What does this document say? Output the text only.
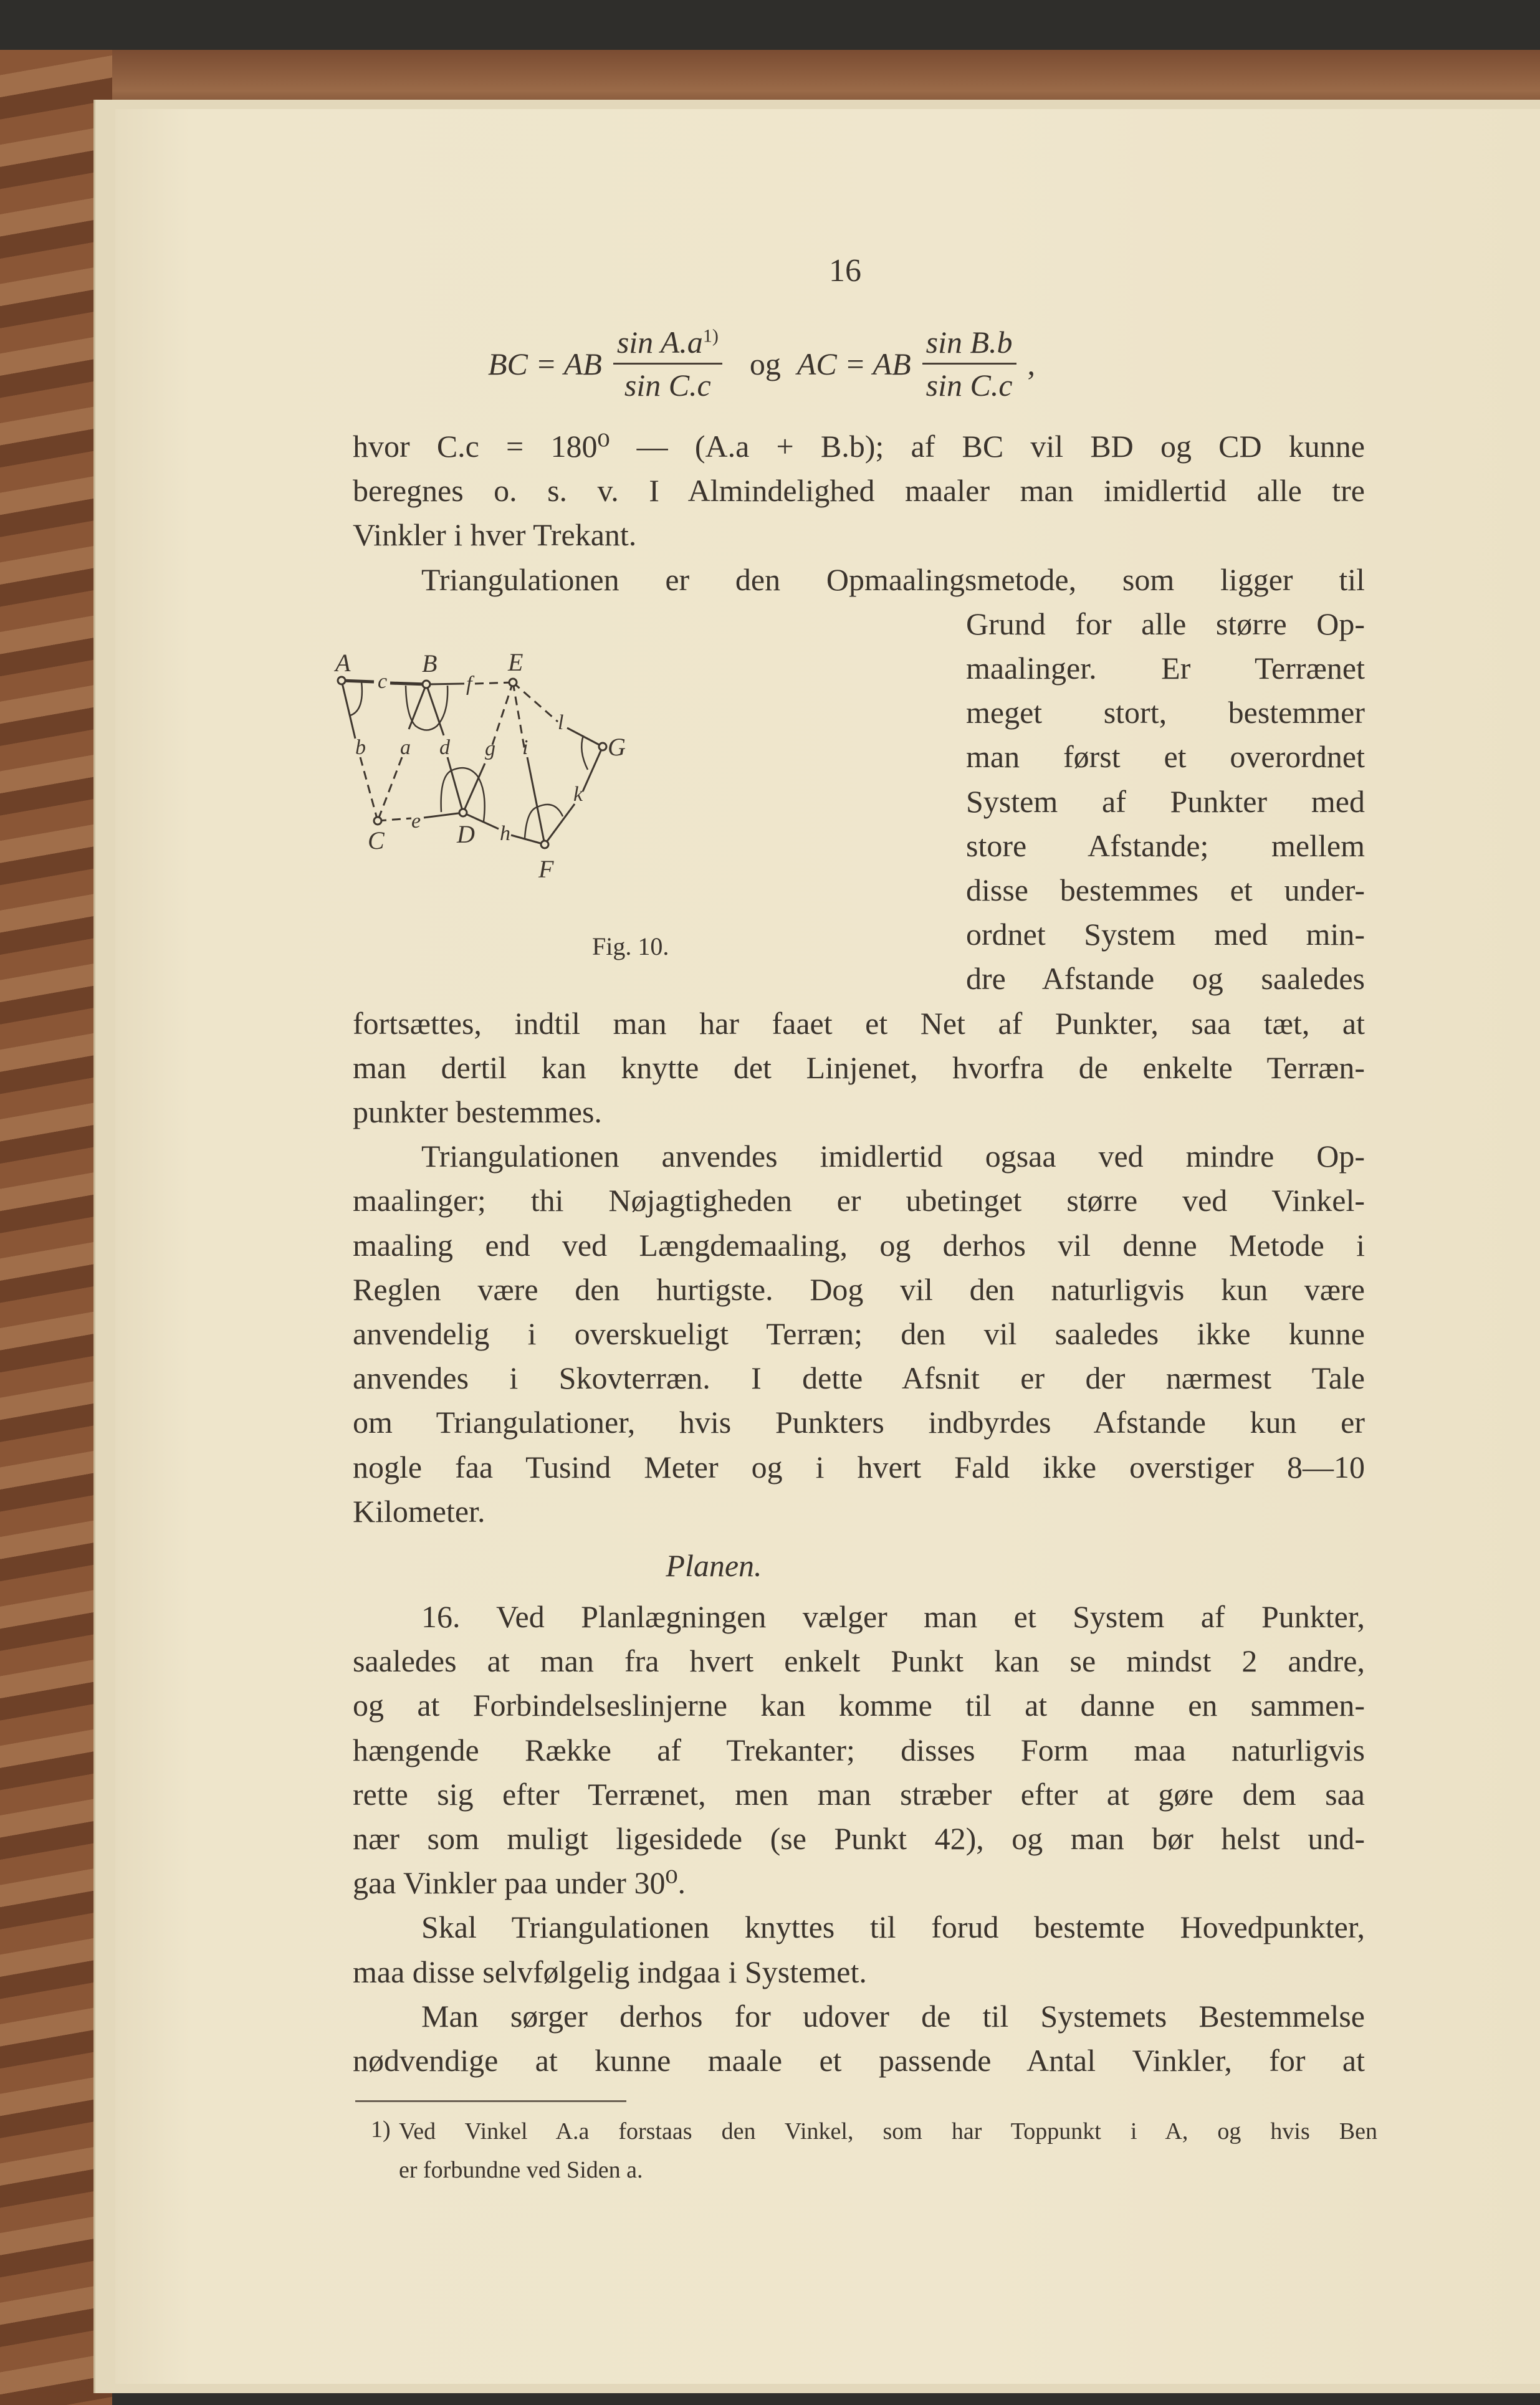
16
BC = AB $\frac{\sin A.a^{1)}}{\text{sin C.c}}$ og AC = AB $\frac{\text{sin B.b}}{\text{sin C.c}}$ ,
hvor C.c = 180⁰ — (A.a + B.b); af BC vil BD og CD kunne
beregnes o. s. v. I Almindelighed maaler man imidlertid alle tre
Vinkler i hver Trekant.
Triangulationen er den Opmaalingsmetode, som ligger til
Grund for alle større Op-
maalinger. Er Terrænet
meget stort, bestemmer
man først et overordnet
System af Punkter med
store Afstande; mellem
disse bestemmes et under-
ordnet System med min-
dre Afstande og saaledes
fortsættes, indtil man har faaet et Net af Punkter, saa tæt, at
man dertil kan knytte det Linjenet, hvorfra de enkelte Terræn-
punkter bestemmes.
Triangulationen anvendes imidlertid ogsaa ved mindre Op-
maalinger; thi Nøjagtigheden er ubetinget større ved Vinkel-
maaling end ved Længdemaaling, og derhos vil denne Metode i
Reglen være den hurtigste. Dog vil den naturligvis kun være
anvendelig i overskueligt Terræn; den vil saaledes ikke kunne
anvendes i Skovterræn. I dette Afsnit er der nærmest Tale
om Triangulationer, hvis Punkters indbyrdes Afstande kun er
nogle faa Tusind Meter og i hvert Fald ikke overstiger 8—10
Kilometer.
16. Ved Planlægningen vælger man et System af Punkter,
saaledes at man fra hvert enkelt Punkt kan se mindst 2 andre,
og at Forbindelseslinjerne kan komme til at danne en sammen-
hængende Række af Trekanter; disses Form maa naturligvis
rette sig efter Terrænet, men man stræber efter at gøre dem saa
nær som muligt ligesidede (se Punkt 42), og man bør helst und-
gaa Vinkler paa under 30⁰.
Skal Triangulationen knyttes til forud bestemte Hovedpunkter,
maa disse selvfølgelig indgaa i Systemet.
Man sørger derhos for udover de til Systemets Bestemmelse
nødvendige at kunne maale et passende Antal Vinkler, for at
Planen.
A	B	E
G
C	D
F
c	f
l
b a d g i
k
e
h
Fig. 10.
1) Ved Vinkel A.a forstaas den Vinkel, som har Toppunkt i A, og hvis Ben
er forbundne ved Siden a.
